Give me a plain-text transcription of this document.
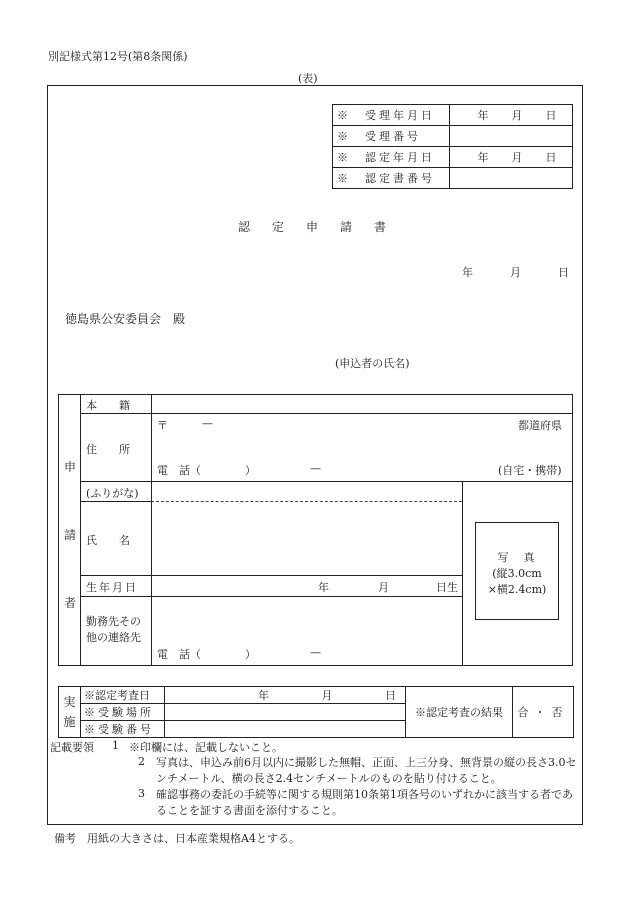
別記様式第12号(第8条関係)
(表)
※　 受理年月日	年 月 日

※　 受理番号	
※　 認定年月日	年 月 日

※　 認定書番号	
認定申請書
年	月	日
徳島県公安委員会　殿
(申込者の氏名)
申
請
者
本　　籍
住　　所
〒	—	都道府県
電　話（　　　　）	—	(自宅・携帯)
(ふりがな)
氏　　名
生年月日	年	月	日生
勤務先その他の連絡先
電　話（　　　　）	—
写　真
(縦3.0cm
×横2.4cm)
実
施	※認定考査日	年 月 日	※認定考査の結果	合・否
	※受験場所			
	※受験番号			
記載要領 1 ※印欄には、記載しないこと。
2 写真は、申込み前6月以内に撮影した無帽、正面、上三分身、無背景の縦の長さ3.0センチメートル、横の長さ2.4センチメートルのものを貼り付けること。
3 確認事務の委託の手続等に関する規則第10条第1項各号のいずれかに該当する者であることを証する書面を添付すること。
備考　用紙の大きさは、日本産業規格A4とする。
